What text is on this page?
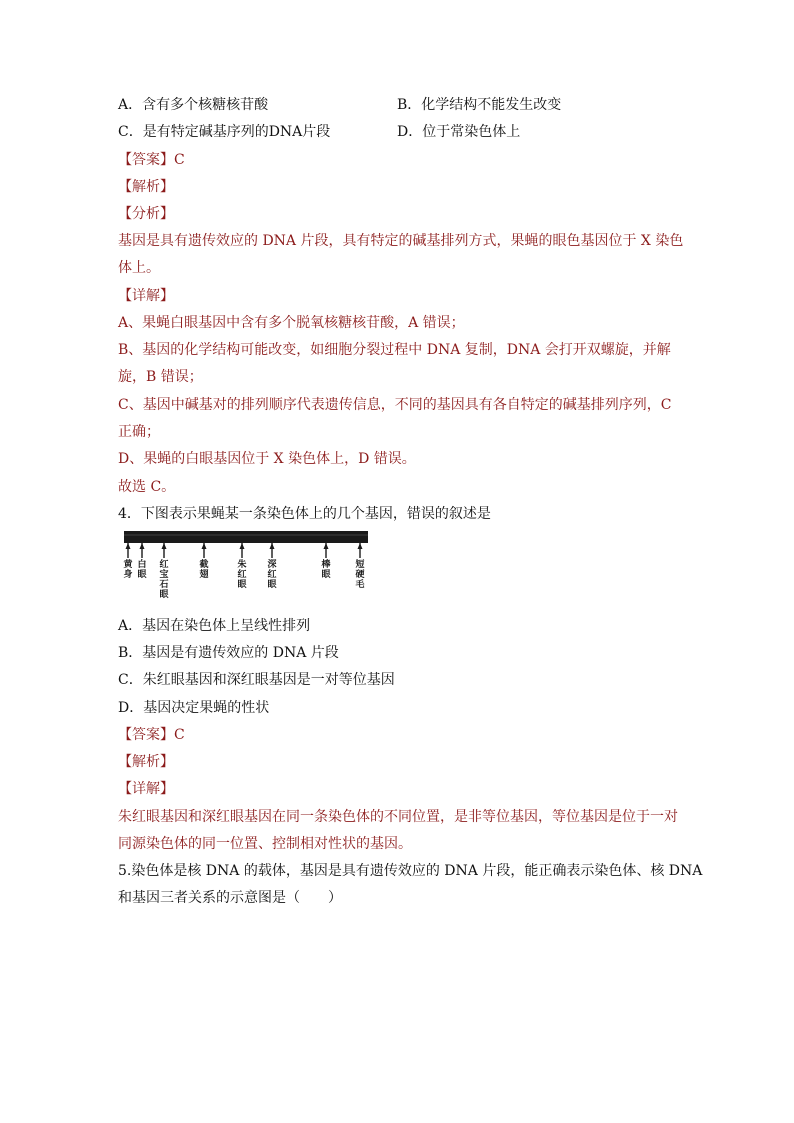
A．含有多个核糖核苷酸	B．化学结构不能发生改变
C．是有特定碱基序列的DNA片段	D．位于常染色体上
【答案】C
【解析】
【分析】
基因是具有遗传效应的 DNA 片段，具有特定的碱基排列方式，果蝇的眼色基因位于 X 染色
体上。
【详解】
A、果蝇白眼基因中含有多个脱氧核糖核苷酸，A 错误；
B、基因的化学结构可能改变，如细胞分裂过程中 DNA 复制，DNA 会打开双螺旋，并解
旋，B 错误；
C、基因中碱基对的排列顺序代表遗传信息，不同的基因具有各自特定的碱基排列序列，C
正确；
D、果蝇的白眼基因位于 X 染色体上，D 错误。
故选 C。
4．下图表示果蝇某一条染色体上的几个基因，错误的叙述是
黄身
白眼
红宝石眼
截翅
朱红眼
深红眼
棒眼
短硬毛
A．基因在染色体上呈线性排列
B．基因是有遗传效应的 DNA 片段
C．朱红眼基因和深红眼基因是一对等位基因
D．基因决定果蝇的性状
【答案】C
【解析】
【详解】
朱红眼基因和深红眼基因在同一条染色体的不同位置，是非等位基因，等位基因是位于一对
同源染色体的同一位置、控制相对性状的基因。
5.染色体是核 DNA 的载体，基因是具有遗传效应的 DNA 片段，能正确表示染色体、核 DNA
和基因三者关系的示意图是（　　）
